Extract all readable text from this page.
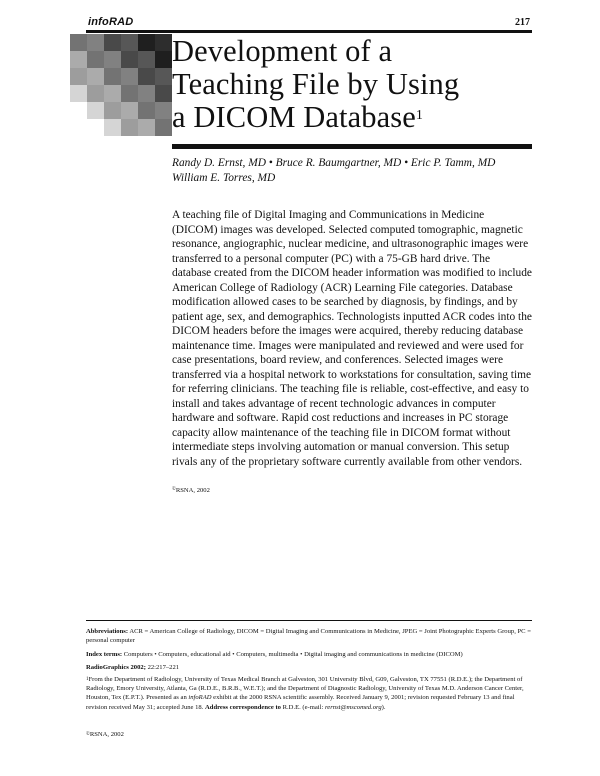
infoRAD	217
Development of a
Teaching File by Using
a DICOM Database$^1$
Randy D. Ernst, MD • Bruce R. Baumgartner, MD • Eric P. Tamm, MD
William E. Torres, MD

A teaching file of Digital Imaging and Communications in Medicine (DICOM) images was developed. Selected computed tomographic, magnetic resonance, angiographic, nuclear medicine, and ultrasonographic images were transferred to a personal computer (PC) with a 75-GB hard drive. The database created from the DICOM header information was modified to include American College of Radiology (ACR) Learning File categories. Database modification allowed cases to be searched by diagnosis, by findings, and by patient age, sex, and demographics. Technologists inputted ACR codes into the DICOM headers before the images were acquired, thereby reducing database maintenance time. Images were manipulated and reviewed and were used for case presentations, board review, and conferences. Selected images were transferred via a hospital network to workstations for consultation, saving time for referring clinicians. The teaching file is reliable, cost-effective, and easy to install and takes advantage of recent technologic advances in computer hardware and software. Rapid cost reductions and increases in PC storage capacity allow maintenance of the teaching file in DICOM format without intermediate steps involving automation or manual conversion. This setup rivals any of the proprietary software currently available from other vendors.

©RSNA, 2002
Abbreviations: ACR = American College of Radiology, DICOM = Digital Imaging and Communications in Medicine, JPEG = Joint Photographic Experts Group, PC = personal computer
Index terms: Computers • Computers, educational aid • Computers, multimedia • Digital imaging and communications in medicine (DICOM)
RadioGraphics 2002; 22:217–221
$^1$From the Department of Radiology, University of Texas Medical Branch at Galveston, 301 University Blvd, G09, Galveston, TX 77551 (R.D.E.); the Department of Radiology, Emory University, Atlanta, Ga (R.D.E., B.R.B., W.E.T.); and the Department of Diagnostic Radiology, University of Texas M.D. Anderson Cancer Center, Houston, Tex (E.P.T.). Presented as an infoRAD exhibit at the 2000 RSNA scientific assembly. Received January 9, 2001; revision requested February 13 and final revision received May 31; accepted June 18. Address correspondence to R.D.E. (e-mail: rernst@mscomed.org).
©RSNA, 2002
